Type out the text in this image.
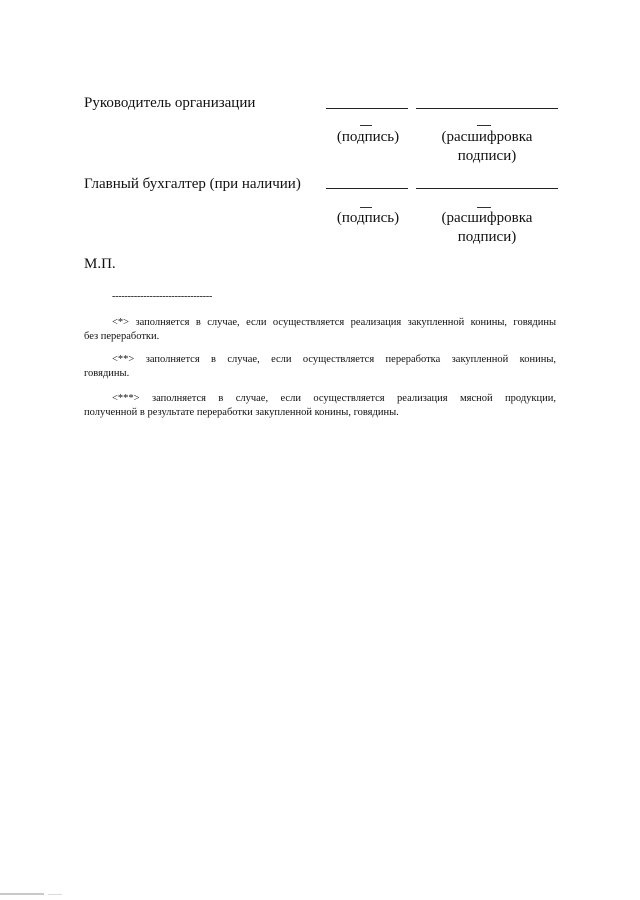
Руководитель организации
(подпись)	(расшифровка
подписи)
Главный бухгалтер (при наличии)
(подпись)	(расшифровка
подписи)
М.П.
--------------------------------
<*> заполняется в случае, если осуществляется реализация закупленной конины, говядины
без переработки.
<**> заполняется в случае, если осуществляется переработка закупленной конины,
говядины.
<***> заполняется в случае, если осуществляется реализация мясной продукции,
полученной в результате переработки закупленной конины, говядины.
